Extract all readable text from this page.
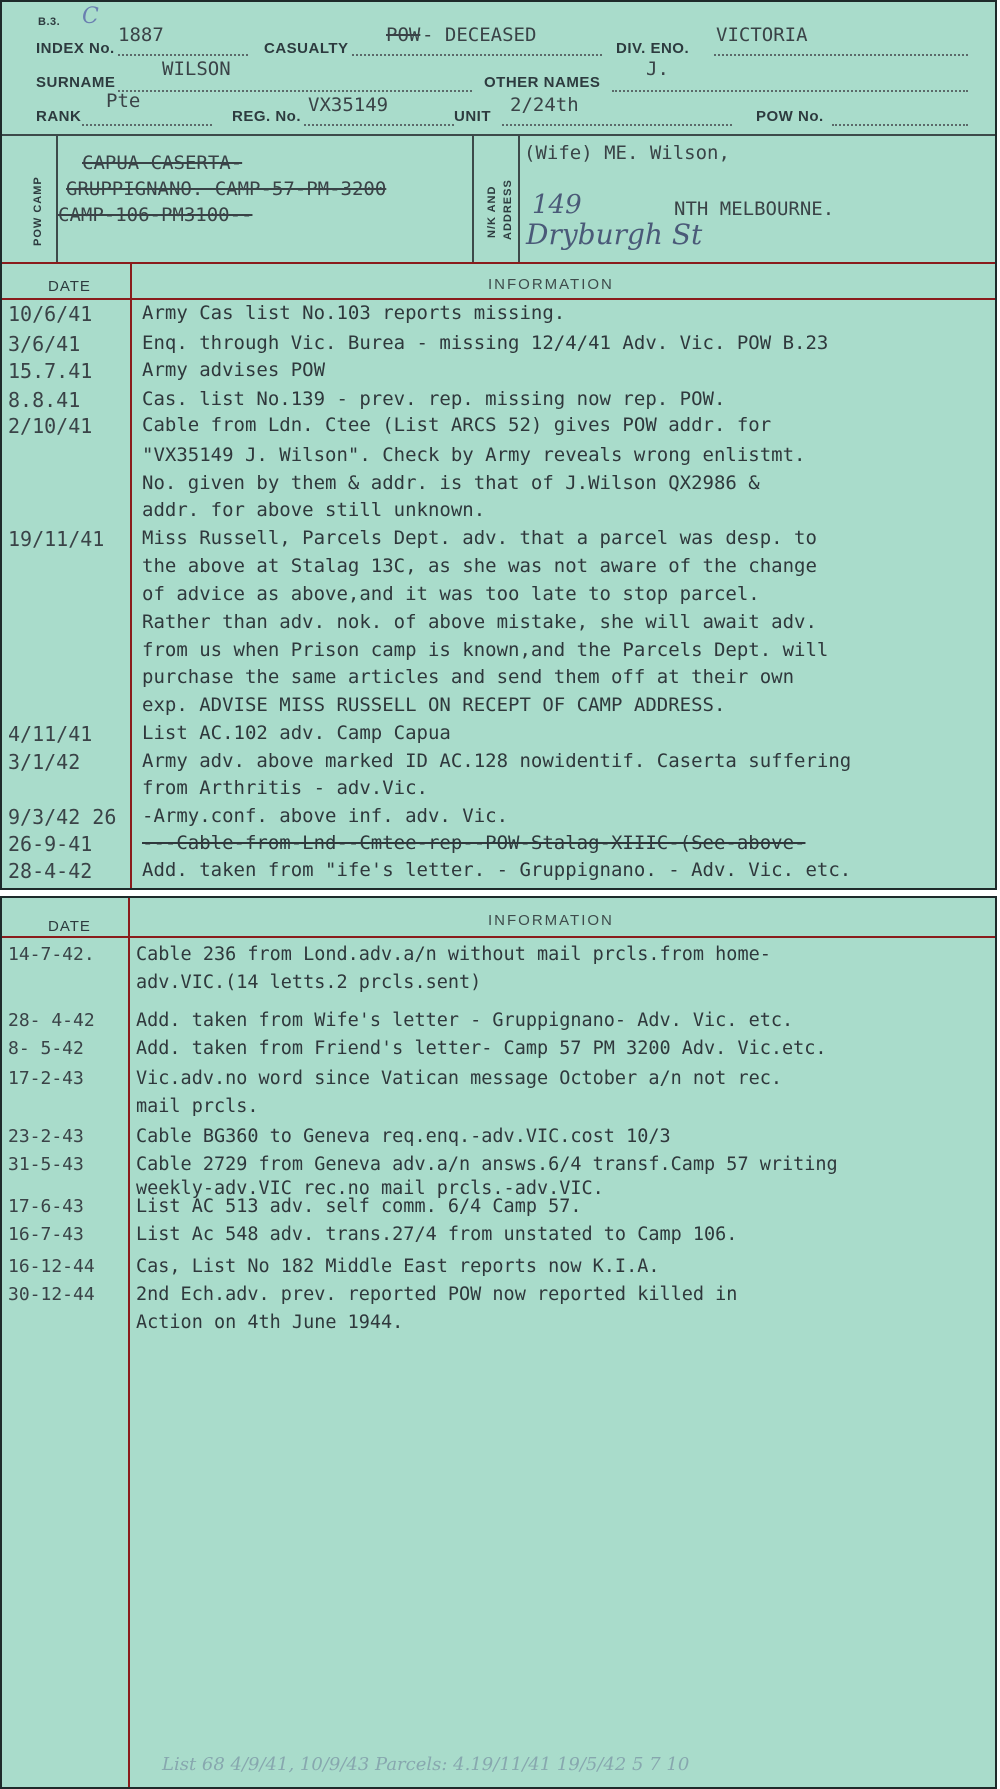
B.3. C
INDEX No.
1887
CASUALTY
POW - DECEASED
DIV. ENO.
VICTORIA
SURNAME
WILSON
OTHER NAMES
J.
RANK
Pte
REG. No.
VX35149
UNIT
2/24th
POW No.
POW CAMP
CAPUA CASERTA-
GRUPPIGNANO. CAMP-57-PM-3200
CAMP-106-PM3100--	N/K AND ADDRESS
(Wife) ME. Wilson,
NTH MELBOURNE.
149
Dryburgh St
DATE	INFORMATION
10/6/41	Army Cas list No.103 reports missing.
3/6/41	Enq. through Vic. Burea - missing 12/4/41 Adv. Vic. POW B.23
15.7.41	Army advises POW
8.8.41	Cas. list No.139 - prev. rep. missing now rep. POW.
2/10/41	Cable from Ldn. Ctee (List ARCS 52) gives POW addr. for
"VX35149 J. Wilson". Check by Army reveals wrong enlistmt.
No. given by them & addr. is that of J.Wilson QX2986 &
addr. for above still unknown.
19/11/41 Miss Russell, Parcels Dept. adv. that a parcel was desp. to
the above at Stalag 13C, as she was not aware of the change
of advice as above,and it was too late to stop parcel.
Rather than adv. nok. of above mistake, she will await adv.
from us when Prison camp is known,and the Parcels Dept. will
purchase the same articles and send them off at their own
exp. ADVISE MISS RUSSELL ON RECEPT OF CAMP ADDRESS.
4/11/41	List AC.102 adv. Camp Capua
3/1/42	Army adv. above marked ID AC.128 nowidentif. Caserta suffering
from Arthritis - adv.Vic.
9/3/42 26 -Army.conf. above inf. adv. Vic.
26-9-41	---Cable-from-Lnd--Cmtee-rep--POW-Stalag-XIIIC-(See-above-
28-4-42	Add. taken from "ife's letter. - Gruppignano. - Adv. Vic. etc.
DATE	INFORMATION
14-7-42. Cable 236 from Lond.adv.a/n without mail prcls.from home-
adv.VIC.(14 letts.2 prcls.sent)
28- 4-42 Add. taken from Wife's letter - Gruppignano- Adv. Vic. etc.
8- 5-42	Add. taken from Friend's letter- Camp 57 PM 3200 Adv. Vic.etc.
17-2-43	Vic.adv.no word since Vatican message October a/n not rec.
mail prcls.
23-2-43	Cable BG360 to Geneva req.enq.-adv.VIC.cost 10/3
31-5-43	Cable 2729 from Geneva adv.a/n answs.6/4 transf.Camp 57 writing
weekly-adv.VIC rec.no mail prcls.-adv.VIC.
17-6-43	List AC 513 adv. self comm. 6/4 Camp 57.
16-7-43	List Ac 548 adv. trans.27/4 from unstated to Camp 106.
16-12-44 Cas, List No 182 Middle East reports now K.I.A.
30-12-44 2nd Ech.adv. prev. reported POW now reported killed in
Action on 4th June 1944.
List 68 4/9/41, 10/9/43 Parcels: 4.19/11/41 19/5/42 5 7 10
